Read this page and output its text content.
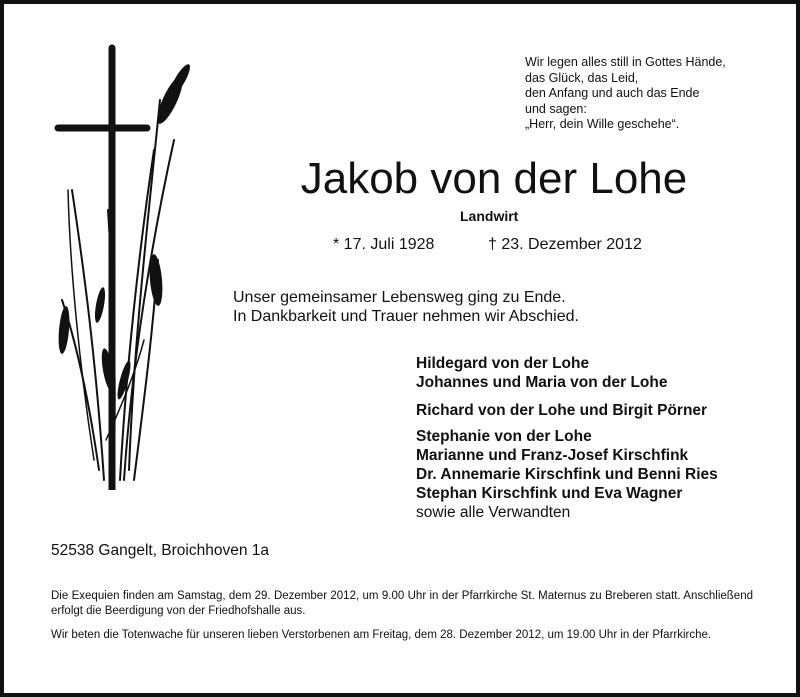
Wir legen alles still in Gottes Hände,
das Glück, das Leid,
den Anfang und auch das Ende
und sagen:
„Herr, dein Wille geschehe“.
Jakob von der Lohe
Landwirt
* 17. Juli 1928	† 23. Dezember 2012
Unser gemeinsamer Lebensweg ging zu Ende.
In Dankbarkeit und Trauer nehmen wir Abschied.
Hildegard von der Lohe
Johannes und Maria von der Lohe
Richard von der Lohe und Birgit Pörner
Stephanie von der Lohe
Marianne und Franz-Josef Kirschfink
Dr. Annemarie Kirschfink und Benni Ries
Stephan Kirschfink und Eva Wagner
sowie alle Verwandten
52538 Gangelt, Broichhoven 1a
Die Exequien finden am Samstag, dem 29. Dezember 2012, um 9.00 Uhr in der Pfarrkirche St. Maternus zu Breberen statt. Anschließend erfolgt die Beerdigung von der Friedhofshalle aus.
Wir beten die Totenwache für unseren lieben Verstorbenen am Freitag, dem 28. Dezember 2012, um 19.00 Uhr in der Pfarrkirche.
